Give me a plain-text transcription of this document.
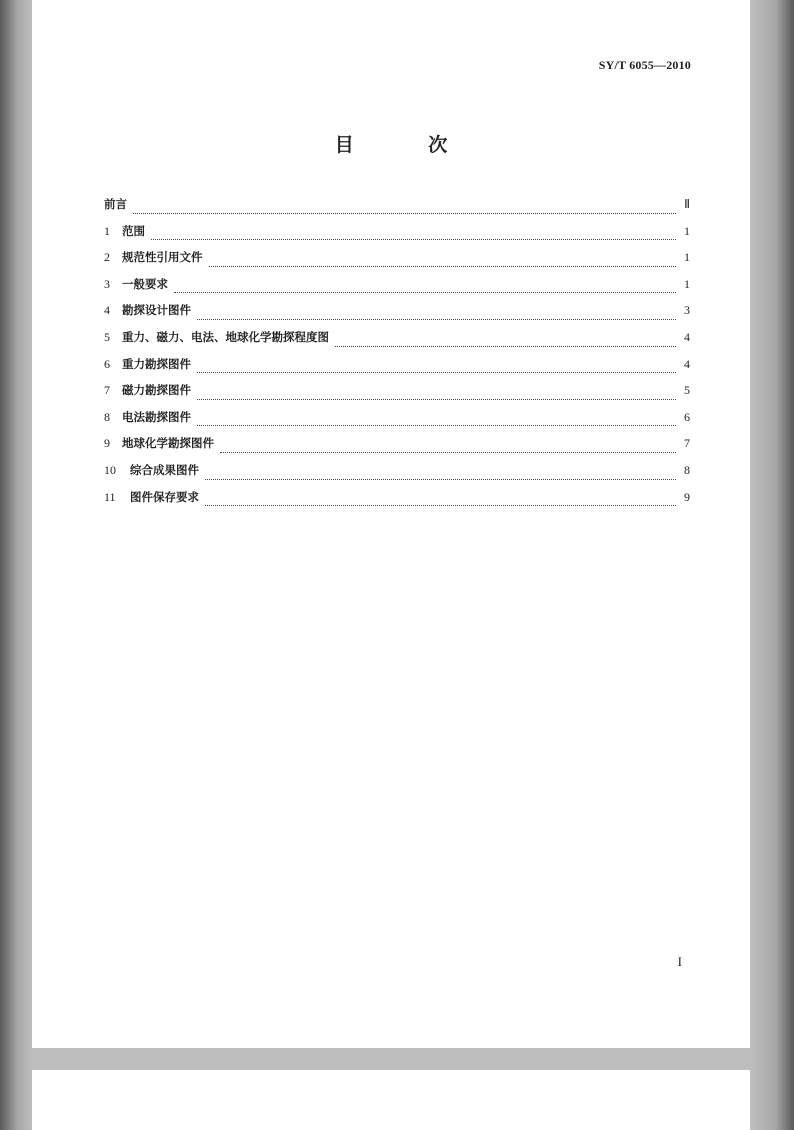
SY/T 6055—2010
目 次
前言	Ⅱ
1	范围	1
2	规范性引用文件	1
3	一般要求	1
4	勘探设计图件	3
5	重力、磁力、电法、地球化学勘探程度图	4
6	重力勘探图件	4
7	磁力勘探图件	5
8	电法勘探图件	6
9	地球化学勘探图件	7
10	综合成果图件	8
11	图件保存要求	9
I
